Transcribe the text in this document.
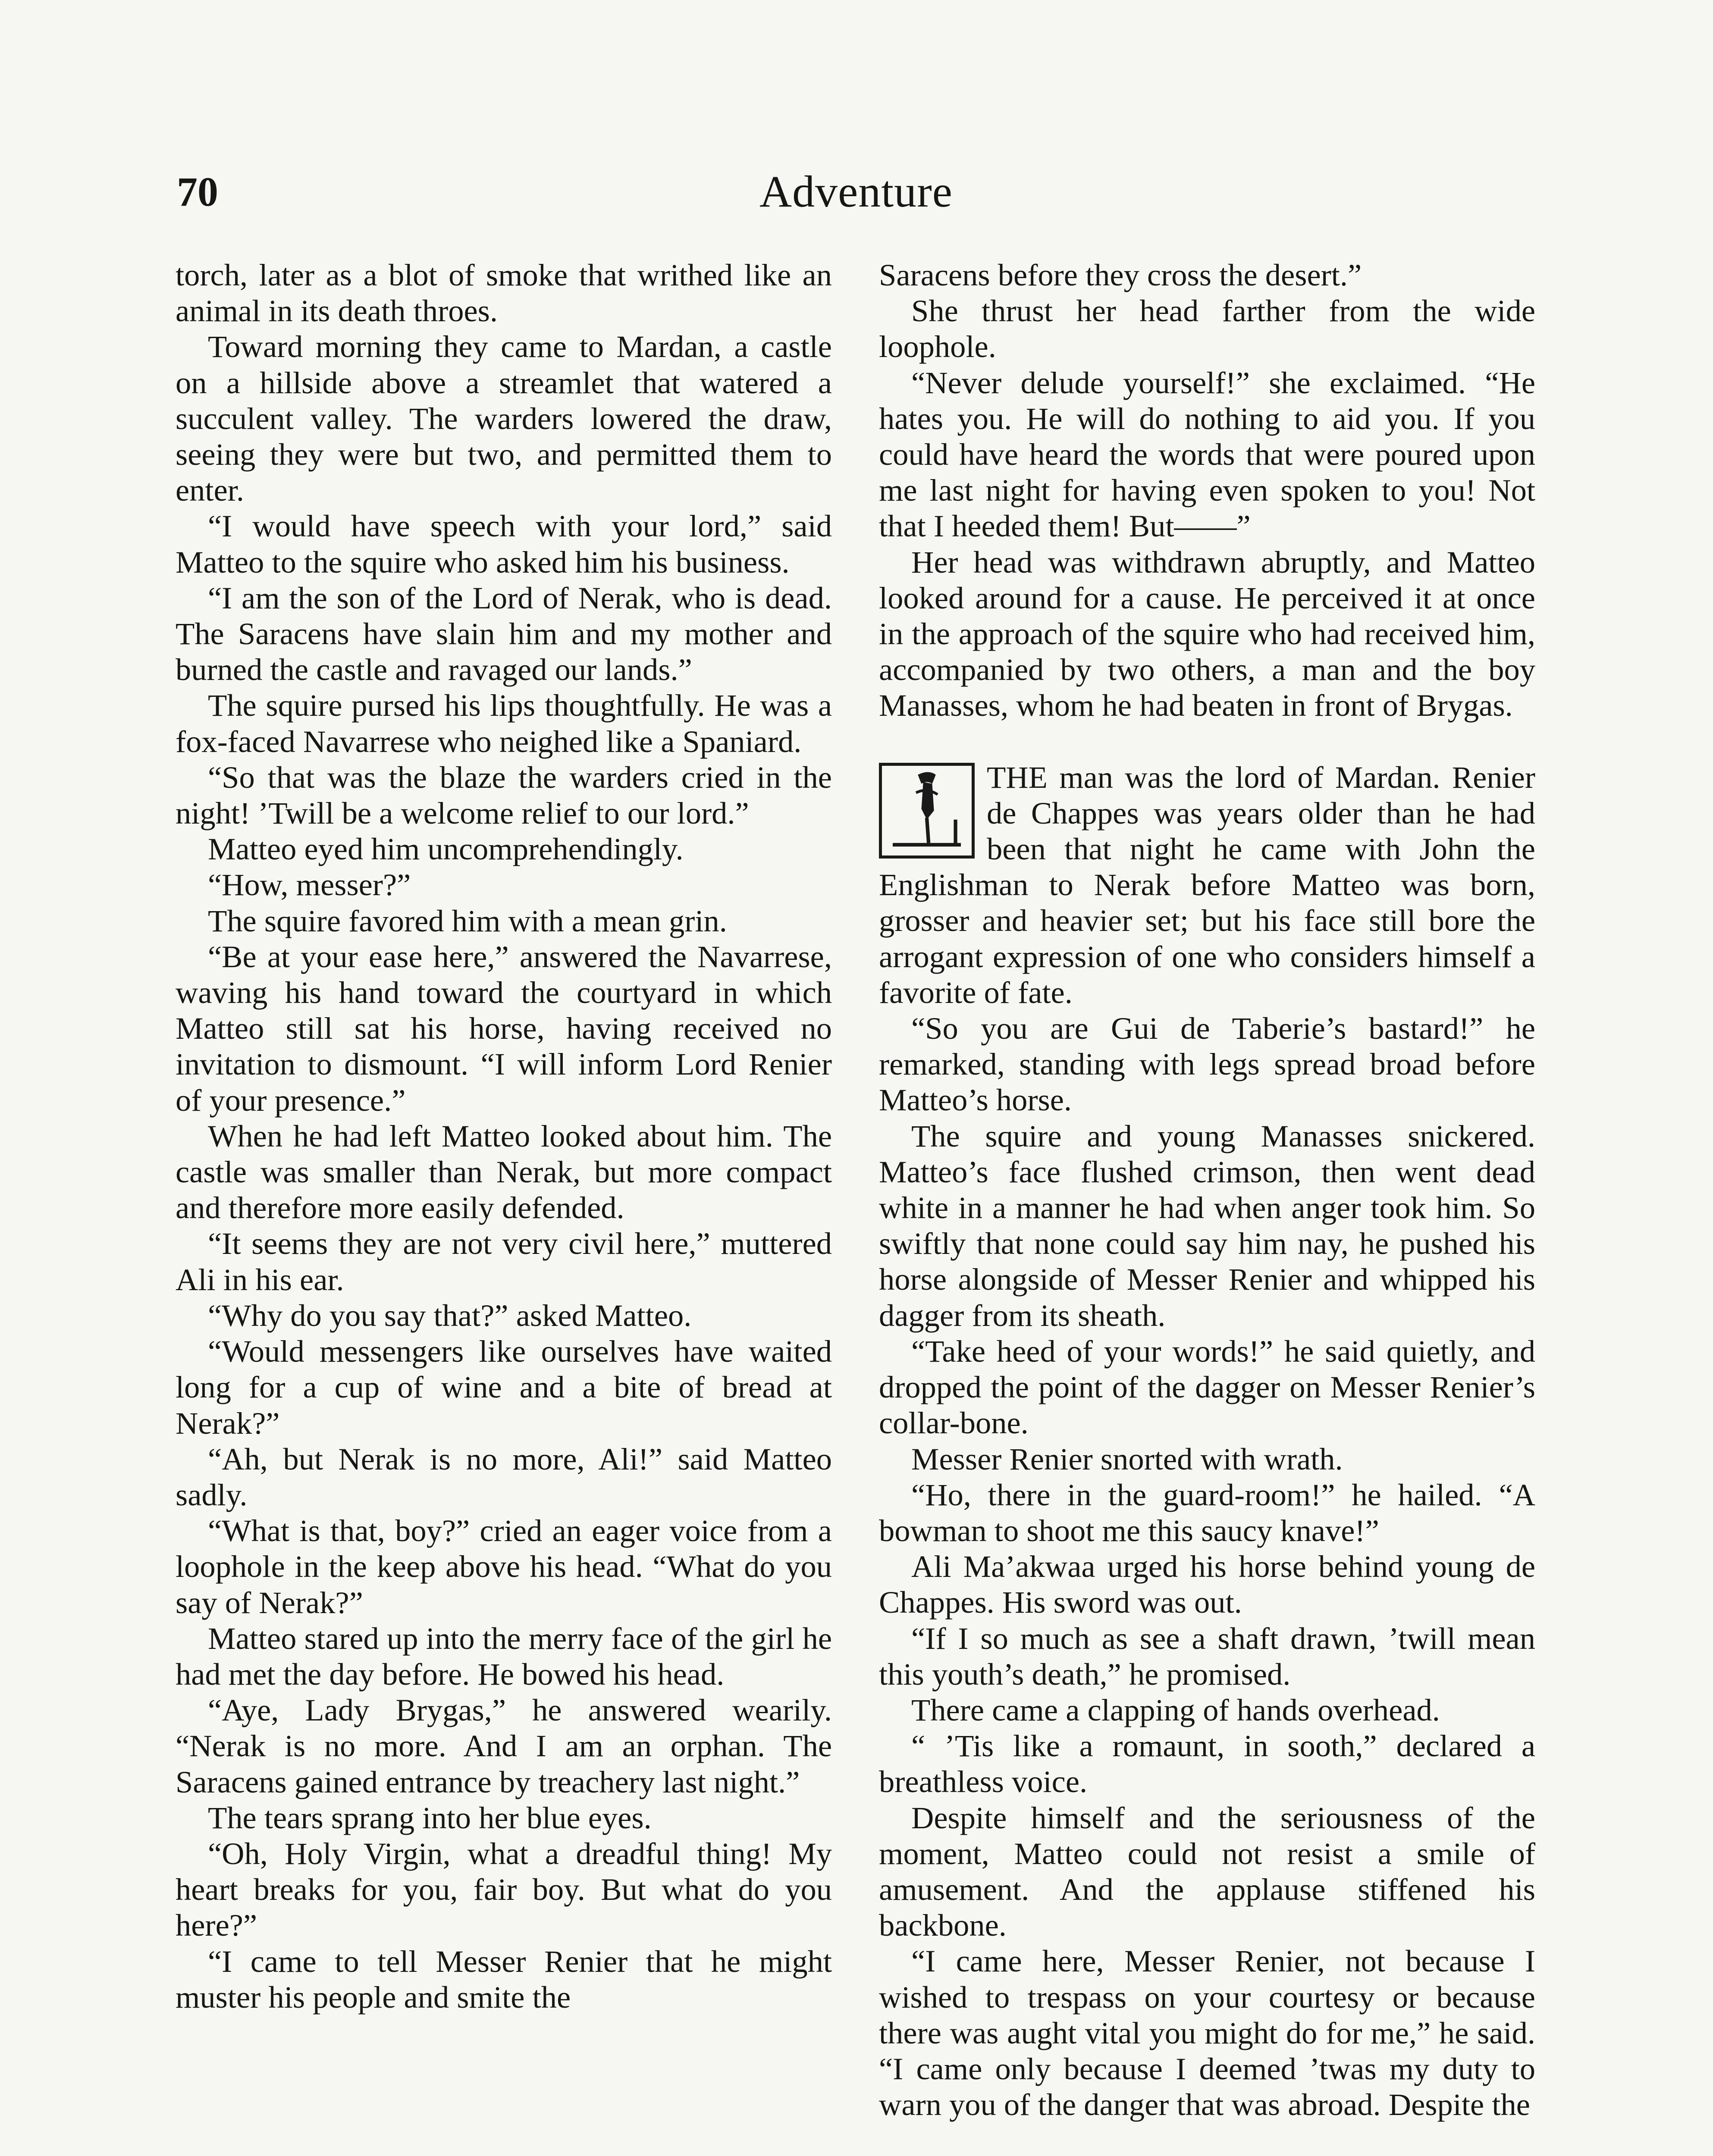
70	Adventure

torch, later as a blot of smoke that writhed like an animal in its death throes.

Toward morning they came to Mardan, a castle on a hillside above a streamlet that watered a succulent valley. The warders lowered the draw, seeing they were but two, and permitted them to enter.

“I would have speech with your lord,” said Matteo to the squire who asked him his business.

“I am the son of the Lord of Nerak, who is dead. The Saracens have slain him and my mother and burned the castle and ravaged our lands.”

The squire pursed his lips thoughtfully. He was a fox-faced Navarrese who neighed like a Spaniard.

“So that was the blaze the warders cried in the night! ’Twill be a welcome relief to our lord.”

Matteo eyed him uncomprehendingly.

“How, messer?”

The squire favored him with a mean grin.

“Be at your ease here,” answered the Navarrese, waving his hand toward the courtyard in which Matteo still sat his horse, having received no invitation to dismount. “I will inform Lord Renier of your presence.”

When he had left Matteo looked about him. The castle was smaller than Nerak, but more compact and therefore more easily defended.

“It seems they are not very civil here,” muttered Ali in his ear.

“Why do you say that?” asked Matteo.

“Would messengers like ourselves have waited long for a cup of wine and a bite of bread at Nerak?”

“Ah, but Nerak is no more, Ali!” said Matteo sadly.

“What is that, boy?” cried an eager voice from a loophole in the keep above his head. “What do you say of Nerak?”

Matteo stared up into the merry face of the girl he had met the day before. He bowed his head.

“Aye, Lady Brygas,” he answered wearily. “Nerak is no more. And I am an orphan. The Saracens gained entrance by treachery last night.”

The tears sprang into her blue eyes.

“Oh, Holy Virgin, what a dreadful thing! My heart breaks for you, fair boy. But what do you here?”

“I came to tell Messer Renier that he might muster his people and smite the

Saracens before they cross the desert.”

She thrust her head farther from the wide loophole.

“Never delude yourself!” she exclaimed. “He hates you. He will do nothing to aid you. If you could have heard the words that were poured upon me last night for having even spoken to you! Not that I heeded them! But——”

Her head was withdrawn abruptly, and Matteo looked around for a cause. He perceived it at once in the approach of the squire who had received him, accompanied by two others, a man and the boy Manasses, whom he had beaten in front of Brygas.

THE man was the lord of Mardan. Renier de Chappes was years older than he had been that night he came with John the Englishman to Nerak before Matteo was born, grosser and heavier set; but his face still bore the arrogant expression of one who considers himself a favorite of fate.

“So you are Gui de Taberie’s bastard!” he remarked, standing with legs spread broad before Matteo’s horse.

The squire and young Manasses snickered. Matteo’s face flushed crimson, then went dead white in a manner he had when anger took him. So swiftly that none could say him nay, he pushed his horse alongside of Messer Renier and whipped his dagger from its sheath.

“Take heed of your words!” he said quietly, and dropped the point of the dagger on Messer Renier’s collar-bone.

Messer Renier snorted with wrath.

“Ho, there in the guard-room!” he hailed. “A bowman to shoot me this saucy knave!”

Ali Ma’akwaa urged his horse behind young de Chappes. His sword was out.

“If I so much as see a shaft drawn, ’twill mean this youth’s death,” he promised.

There came a clapping of hands overhead.

“ ’Tis like a romaunt, in sooth,” declared a breathless voice.

Despite himself and the seriousness of the moment, Matteo could not resist a smile of amusement. And the applause stiffened his backbone.

“I came here, Messer Renier, not because I wished to trespass on your courtesy or because there was aught vital you might do for me,” he said. “I came only because I deemed ’twas my duty to warn you of the danger that was abroad. Despite the
